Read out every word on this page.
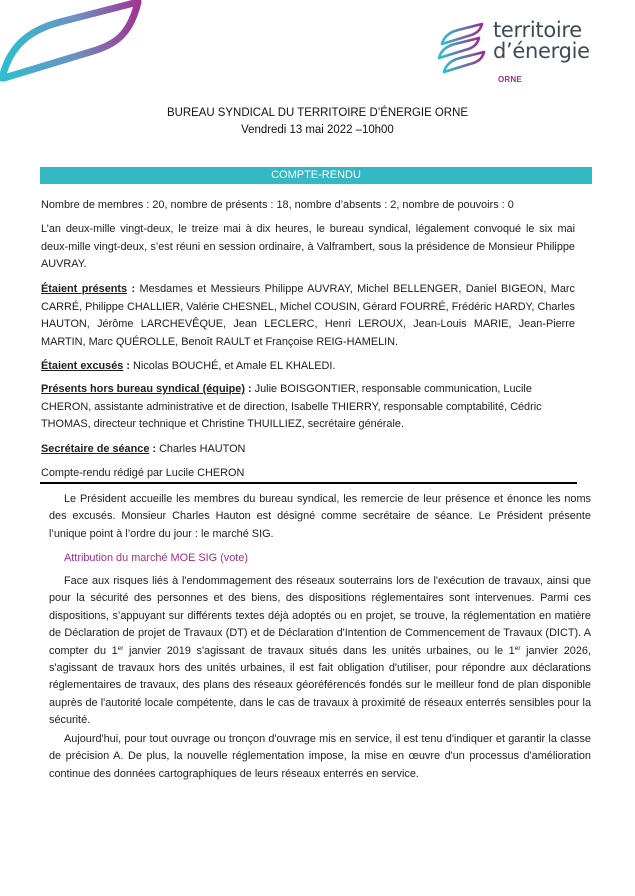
territoire
d’énergie
ORNE
BUREAU SYNDICAL DU TERRITOIRE D’ÉNERGIE ORNE
Vendredi 13 mai 2022 –10h00
COMPTE-RENDU
Nombre de membres : 20, nombre de présents : 18, nombre d’absents : 2, nombre de pouvoirs : 0
L’an deux-mille vingt-deux, le treize mai à dix heures, le bureau syndical, légalement convoqué le six mai deux-mille vingt-deux, s’est réuni en session ordinaire, à Valframbert, sous la présidence de Monsieur Philippe AUVRAY.
Étaient présents : Mesdames et Messieurs Philippe AUVRAY, Michel BELLENGER, Daniel BIGEON, Marc CARRÉ, Philippe CHALLIER, Valérie CHESNEL, Michel COUSIN, Gérard FOURRÉ, Frédéric HARDY, Charles HAUTON, Jérôme LARCHEVÊQUE, Jean LECLERC, Henri LEROUX, Jean-Louis MARIE, Jean-Pierre MARTIN, Marc QUÉROLLE, Benoît RAULT et Françoise REIG-HAMELIN.
Étaient excusés : Nicolas BOUCHÉ, et Amale EL KHALEDI.
Présents hors bureau syndical (équipe) : Julie BOISGONTIER, responsable communication, Lucile CHERON, assistante administrative et de direction, Isabelle THIERRY, responsable comptabilité, Cédric THOMAS, directeur technique et Christine THUILLIEZ, secrétaire générale.
Secrétaire de séance : Charles HAUTON
Compte-rendu rédigé par Lucile CHERON
Le Président accueille les membres du bureau syndical, les remercie de leur présence et énonce les noms des excusés. Monsieur Charles Hauton est désigné comme secrétaire de séance. Le Président présente l’unique point à l’ordre du jour : le marché SIG.
Attribution du marché MOE SIG (vote)
Face aux risques liés à l'endommagement des réseaux souterrains lors de l'exécution de travaux, ainsi que pour la sécurité des personnes et des biens, des dispositions réglementaires sont intervenues. Parmi ces dispositions, s’appuyant sur différents textes déjà adoptés ou en projet, se trouve, la réglementation en matière de Déclaration de projet de Travaux (DT) et de Déclaration d'Intention de Commencement de Travaux (DICT). A compter du 1er janvier 2019 s'agissant de travaux situés dans les unités urbaines, ou le 1er janvier 2026, s'agissant de travaux hors des unités urbaines, il est fait obligation d'utiliser, pour répondre aux déclarations réglementaires de travaux, des plans des réseaux géoréférencés fondés sur le meilleur fond de plan disponible auprès de l'autorité locale compétente, dans le cas de travaux à proximité de réseaux enterrés sensibles pour la sécurité.
Aujourd'hui, pour tout ouvrage ou tronçon d'ouvrage mis en service, il est tenu d'indiquer et garantir la classe de précision A. De plus, la nouvelle réglementation impose, la mise en œuvre d'un processus d'amélioration continue des données cartographiques de leurs réseaux enterrés en service.
